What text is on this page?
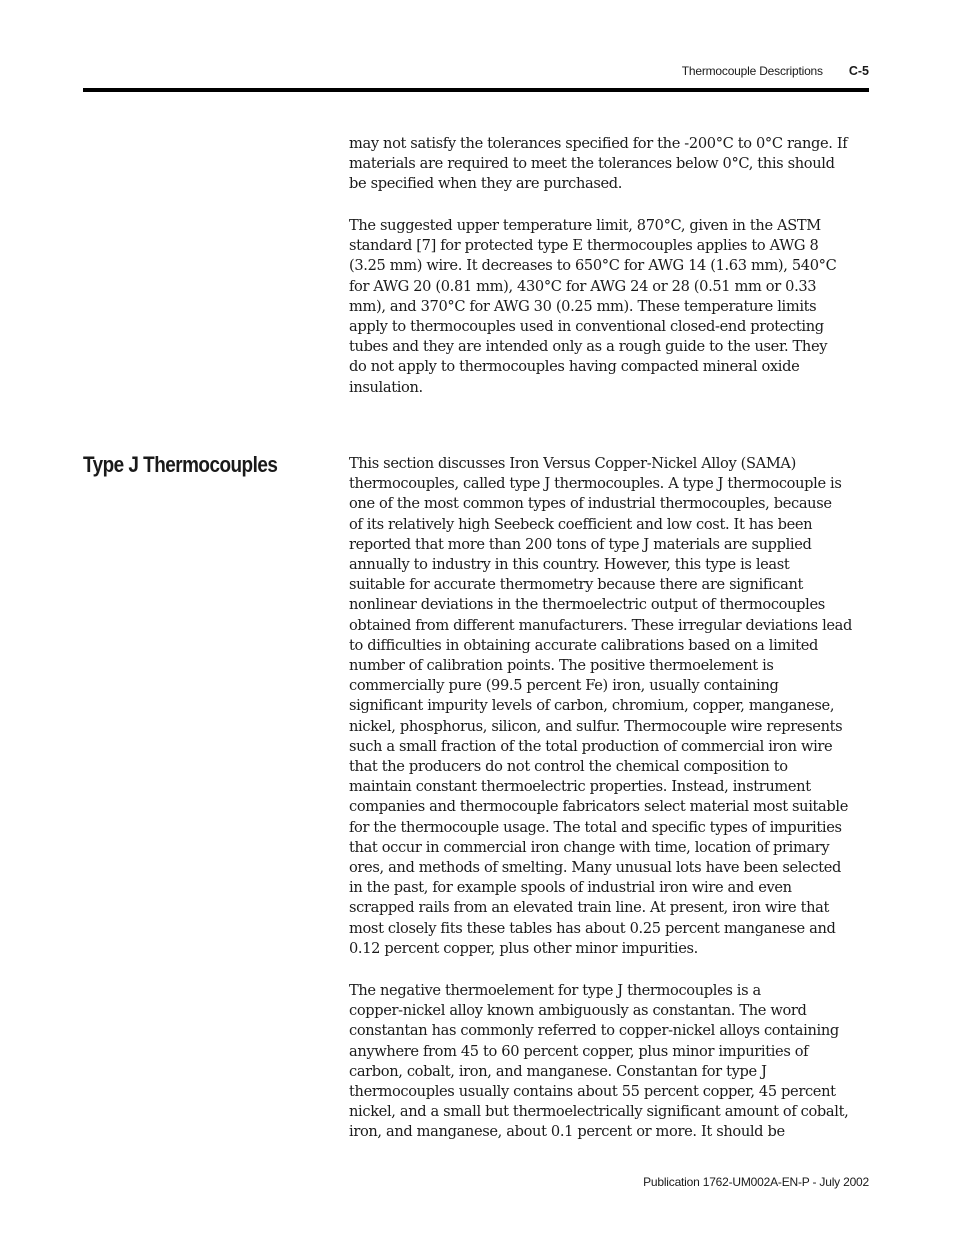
Thermocouple Descriptions C-5

may not satisfy the tolerances specified for the -200°C to 0°C range. If
materials are required to meet the tolerances below 0°C, this should
be specified when they are purchased.

The suggested upper temperature limit, 870°C, given in the ASTM
standard [7] for protected type E thermocouples applies to AWG 8
(3.25 mm) wire. It decreases to 650°C for AWG 14 (1.63 mm), 540°C
for AWG 20 (0.81 mm), 430°C for AWG 24 or 28 (0.51 mm or 0.33
mm), and 370°C for AWG 30 (0.25 mm). These temperature limits
apply to thermocouples used in conventional closed-end protecting
tubes and they are intended only as a rough guide to the user. They
do not apply to thermocouples having compacted mineral oxide
insulation.

Type J Thermocouples	This section discusses Iron Versus Copper-Nickel Alloy (SAMA)
thermocouples, called type J thermocouples. A type J thermocouple is
one of the most common types of industrial thermocouples, because
of its relatively high Seebeck coefficient and low cost. It has been
reported that more than 200 tons of type J materials are supplied
annually to industry in this country. However, this type is least
suitable for accurate thermometry because there are significant
nonlinear deviations in the thermoelectric output of thermocouples
obtained from different manufacturers. These irregular deviations lead
to difficulties in obtaining accurate calibrations based on a limited
number of calibration points. The positive thermoelement is
commercially pure (99.5 percent Fe) iron, usually containing
significant impurity levels of carbon, chromium, copper, manganese,
nickel, phosphorus, silicon, and sulfur. Thermocouple wire represents
such a small fraction of the total production of commercial iron wire
that the producers do not control the chemical composition to
maintain constant thermoelectric properties. Instead, instrument
companies and thermocouple fabricators select material most suitable
for the thermocouple usage. The total and specific types of impurities
that occur in commercial iron change with time, location of primary
ores, and methods of smelting. Many unusual lots have been selected
in the past, for example spools of industrial iron wire and even
scrapped rails from an elevated train line. At present, iron wire that
most closely fits these tables has about 0.25 percent manganese and
0.12 percent copper, plus other minor impurities.

The negative thermoelement for type J thermocouples is a
copper-nickel alloy known ambiguously as constantan. The word
constantan has commonly referred to copper-nickel alloys containing
anywhere from 45 to 60 percent copper, plus minor impurities of
carbon, cobalt, iron, and manganese. Constantan for type J
thermocouples usually contains about 55 percent copper, 45 percent
nickel, and a small but thermoelectrically significant amount of cobalt,
iron, and manganese, about 0.1 percent or more. It should be

Publication 1762-UM002A-EN-P - July 2002
